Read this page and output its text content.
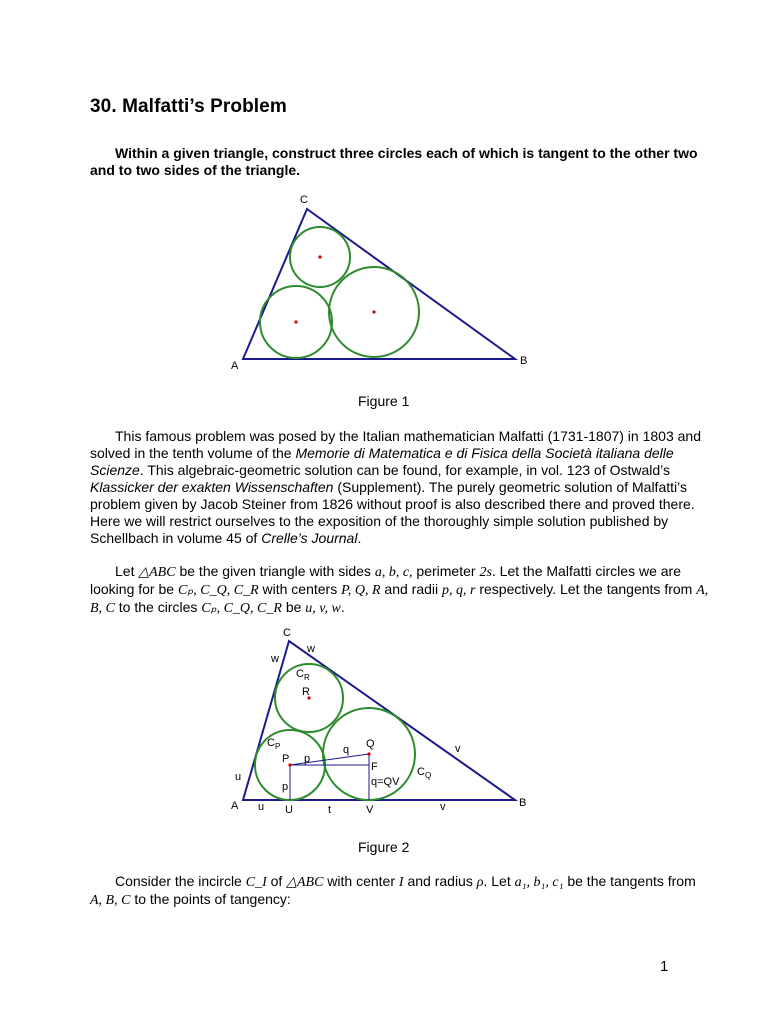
30. Malfatti’s Problem
Within a given triangle, construct three circles each of which is tangent to the other two and to two sides of the triangle.
C
A	B
Figure 1
This famous problem was posed by the Italian mathematician Malfatti (1731-1807) in 1803 and solved in the tenth volume of the Memorie di Matematica e di Fisica della Società italiana delle Scienze. This algebraic-geometric solution can be found, for example, in vol. 123 of Ostwald’s Klassicker der exakten Wissenschaften (Supplement). The purely geometric solution of Malfatti’s problem given by Jacob Steiner from 1826 without proof is also described there and proved there. Here we will restrict ourselves to the exposition of the thoroughly simple solution published by Schellbach in volume 45 of Crelle’s Journal.
Let △ABC be the given triangle with sides a, b, c, perimeter 2s. Let the Malfatti circles we are looking for be Cₚ, C_Q, C_R with centers P, Q, R and radii p, q, r respectively. Let the tangents from A, B, C to the circles Cₚ, C_Q, C_R be u, v, w.
C
w
w
$C_R$
R
$C_P$
P p
q Q
F
v
$C_Q$
u
p	q=QV
A u U	t	V	v	B
Figure 2
Consider the incircle C_I of △ABC with center I and radius ρ. Let a₁, b₁, c₁ be the tangents from A, B, C to the points of tangency:
1
